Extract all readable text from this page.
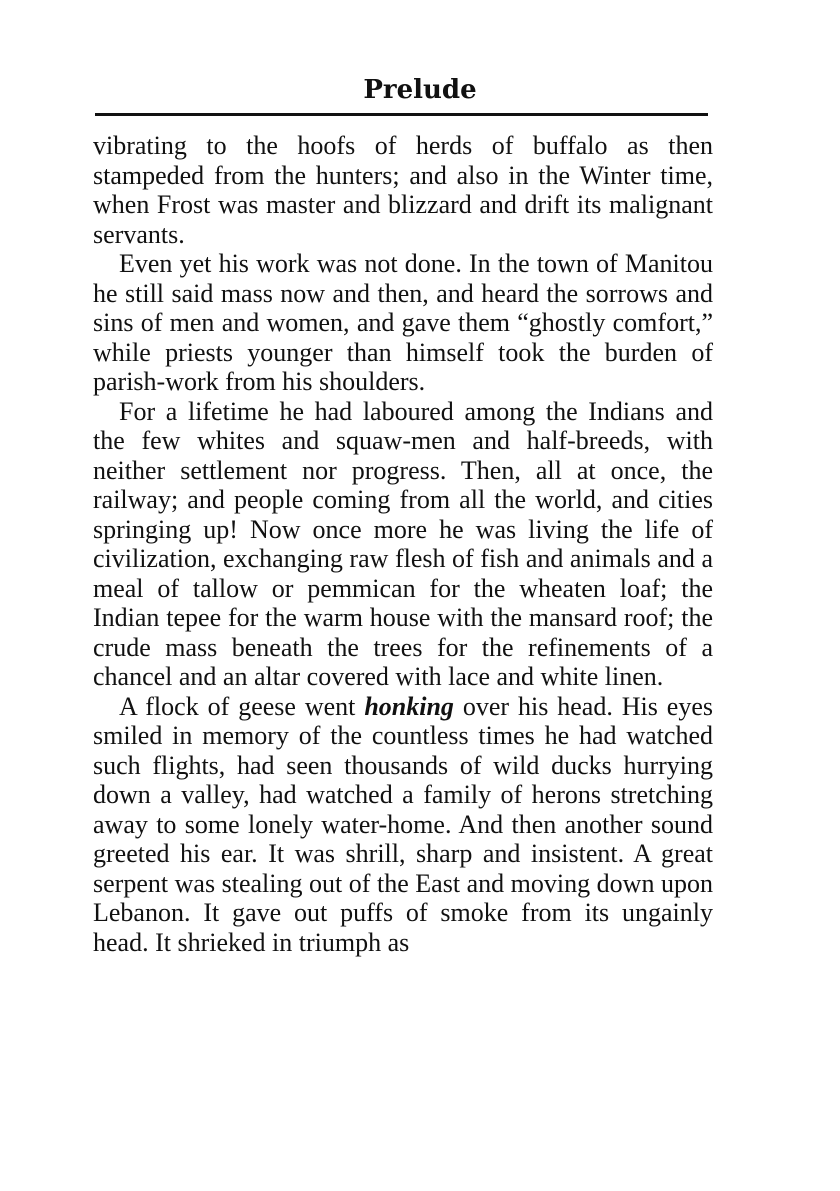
Prelude

vibrating to the hoofs of herds of buffalo as then stampeded from the hunters; and also in the Winter time, when Frost was master and blizzard and drift its malignant servants.

Even yet his work was not done. In the town of Manitou he still said mass now and then, and heard the sorrows and sins of men and women, and gave them “ghostly comfort,” while priests younger than himself took the burden of parish-work from his shoulders.

For a lifetime he had laboured among the Indians and the few whites and squaw-men and half-breeds, with neither settlement nor progress. Then, all at once, the railway; and people coming from all the world, and cities springing up! Now once more he was living the life of civilization, exchanging raw flesh of fish and animals and a meal of tallow or pemmican for the wheaten loaf; the Indian tepee for the warm house with the mansard roof; the crude mass beneath the trees for the refinements of a chancel and an altar covered with lace and white linen.

A flock of geese went honking over his head. His eyes smiled in memory of the countless times he had watched such flights, had seen thousands of wild ducks hurrying down a valley, had watched a family of herons stretching away to some lonely water-home. And then another sound greeted his ear. It was shrill, sharp and insistent. A great serpent was stealing out of the East and moving down upon Lebanon. It gave out puffs of smoke from its ungainly head. It shrieked in triumph as
